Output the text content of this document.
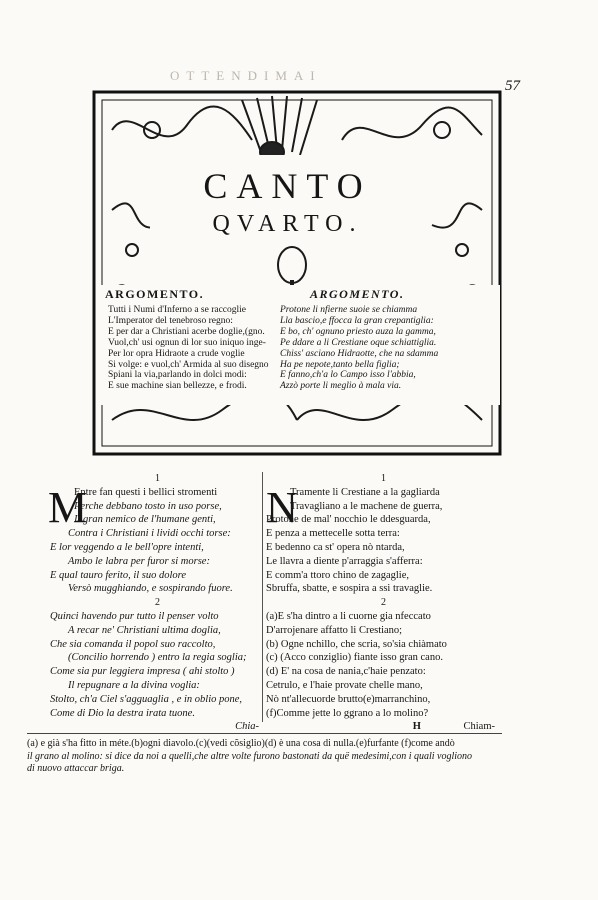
OTTENDIMAI
57
CANTO
QVARTO.
ARGOMENTO.	ARGOMENTO.
Tutti i Numi d'Inferno a se raccoglie
L'Imperator del tenebroso regno:
E per dar a Christiani acerbe doglie,(gno.
Vuol,ch' usi ognun di lor suo iniquo inge-
Per lor opra Hidraote a crude voglie
Si volge: e vuol,ch' Armida al suo disegno
Spiani la via,parlando in dolci modi:
E sue machine sian bellezze, e frodi.
Protone li nfierne suoie se chiamma
Lla bascio,e ffocca la gran crepantiglia:
E bo, ch' ognuno priesto auza la gamma,
Pe ddare a li Crestiane oque schiattiglia.
Chiss' asciano Hidraotte, che na sdamma
Ha pe nepote,tanto bella figlia;
E fanno,ch'a lo Campo isso l'abbia,
Azzò porte li meglio à mala via.
1
M
Entre fan questi i bellici stromenti
Perche debbano tosto in uso porse,
Il gran nemico de l'humane genti,
Contra i Christiani i lividi occhi torse:
E lor veggendo a le bell'opre intenti,
Ambo le labra per furor si morse:
E qual tauro ferito, il suo dolore
Versò mugghiando, e sospirando fuore.
2
Quinci havendo pur tutto il penser volto
A recar ne' Christiani ultima doglia,
Che sia comanda il popol suo raccolto,
(Concilio horrendo ) entro la regia soglia;
Come sia pur leggiera impresa ( ahi stolto )
Il repugnare a la divina voglia:
Stolto, ch'a Ciel s'agguaglia , e in oblio pone,
Come di Dio la destra irata tuone.
Chia-
1
N
Tramente li Crestiane a la gagliarda
Travagliano a le machene de guerra,
Protone de mal' nocchio le ddesguarda,
E penza a mettecelle sotta terra:
E bedenno ca st' opera nò ntarda,
Le llavra a diente p'arraggia s'afferra:
E comm'a ttoro chino de zagaglie,
Sbruffa, sbatte, e sospira a ssi travaglie.
2
(a)E s'ha dintro a li cuorne gia nfeccato
D'arrojenare affatto li Crestiano;
(b) Ogne nchillo, che scria, so'sia chiàmato
(c) (Acco conziglio) fiante isso gran cano.
(d) E' na cosa de nania,c'haie penzato:
Cetrulo, e l'haie provate chelle mano,
Nò nt'allecuorde brutto(e)marranchino,
(f)Comme jette lo ggrano a lo molino?
H	Chiam-
(a) e già s'ha fitto in méte.(b)ogni diavolo.(c)(vedi cõsiglio)(d) è una cosa di nulla.(e)furfante (f)come andò
il grano al molino: si dice da noi a quelli,che altre volte furono bastonati da quë medesimi,con i quali vogliono
di nuovo attaccar briga.
